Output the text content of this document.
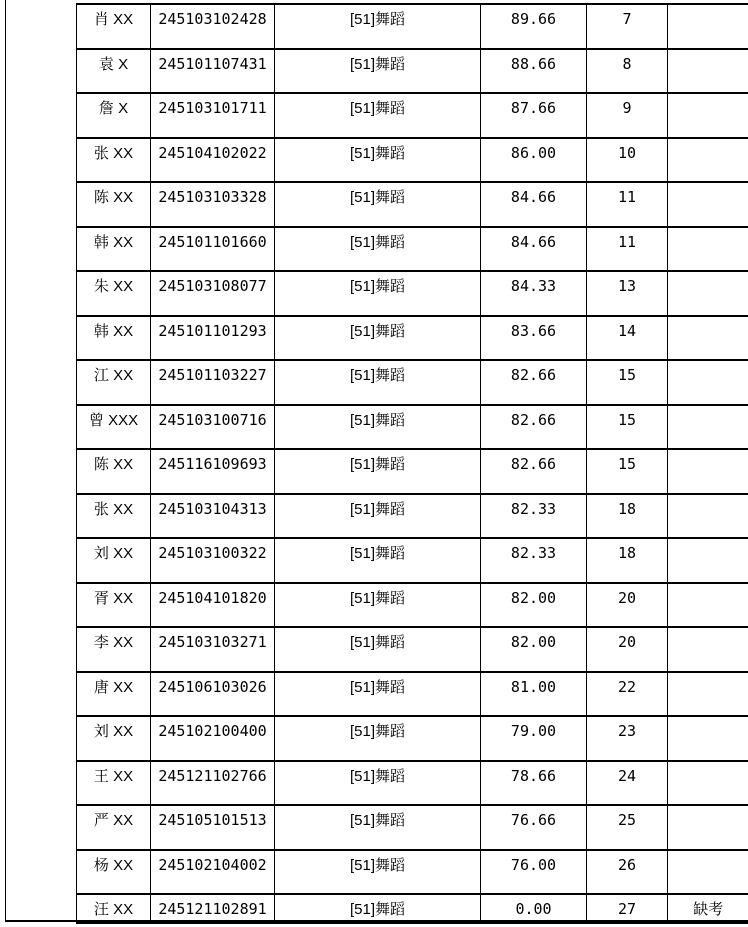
肖 XX	245103102428	[51]舞蹈	89.66	7	
袁 X	245101107431	[51]舞蹈	88.66	8	
詹 X	245103101711	[51]舞蹈	87.66	9	
张 XX	245104102022	[51]舞蹈	86.00	10	
陈 XX	245103103328	[51]舞蹈	84.66	11	
韩 XX	245101101660	[51]舞蹈	84.66	11	
朱 XX	245103108077	[51]舞蹈	84.33	13	
韩 XX	245101101293	[51]舞蹈	83.66	14	
江 XX	245101103227	[51]舞蹈	82.66	15	
曾 XXX	245103100716	[51]舞蹈	82.66	15	
陈 XX	245116109693	[51]舞蹈	82.66	15	
张 XX	245103104313	[51]舞蹈	82.33	18	
刘 XX	245103100322	[51]舞蹈	82.33	18	
胥 XX	245104101820	[51]舞蹈	82.00	20	
李 XX	245103103271	[51]舞蹈	82.00	20	
唐 XX	245106103026	[51]舞蹈	81.00	22	
刘 XX	245102100400	[51]舞蹈	79.00	23	
王 XX	245121102766	[51]舞蹈	78.66	24	
严 XX	245105101513	[51]舞蹈	76.66	25	
杨 XX	245102104002	[51]舞蹈	76.00	26	
汪 XX	245121102891	[51]舞蹈	0.00	27	缺考
